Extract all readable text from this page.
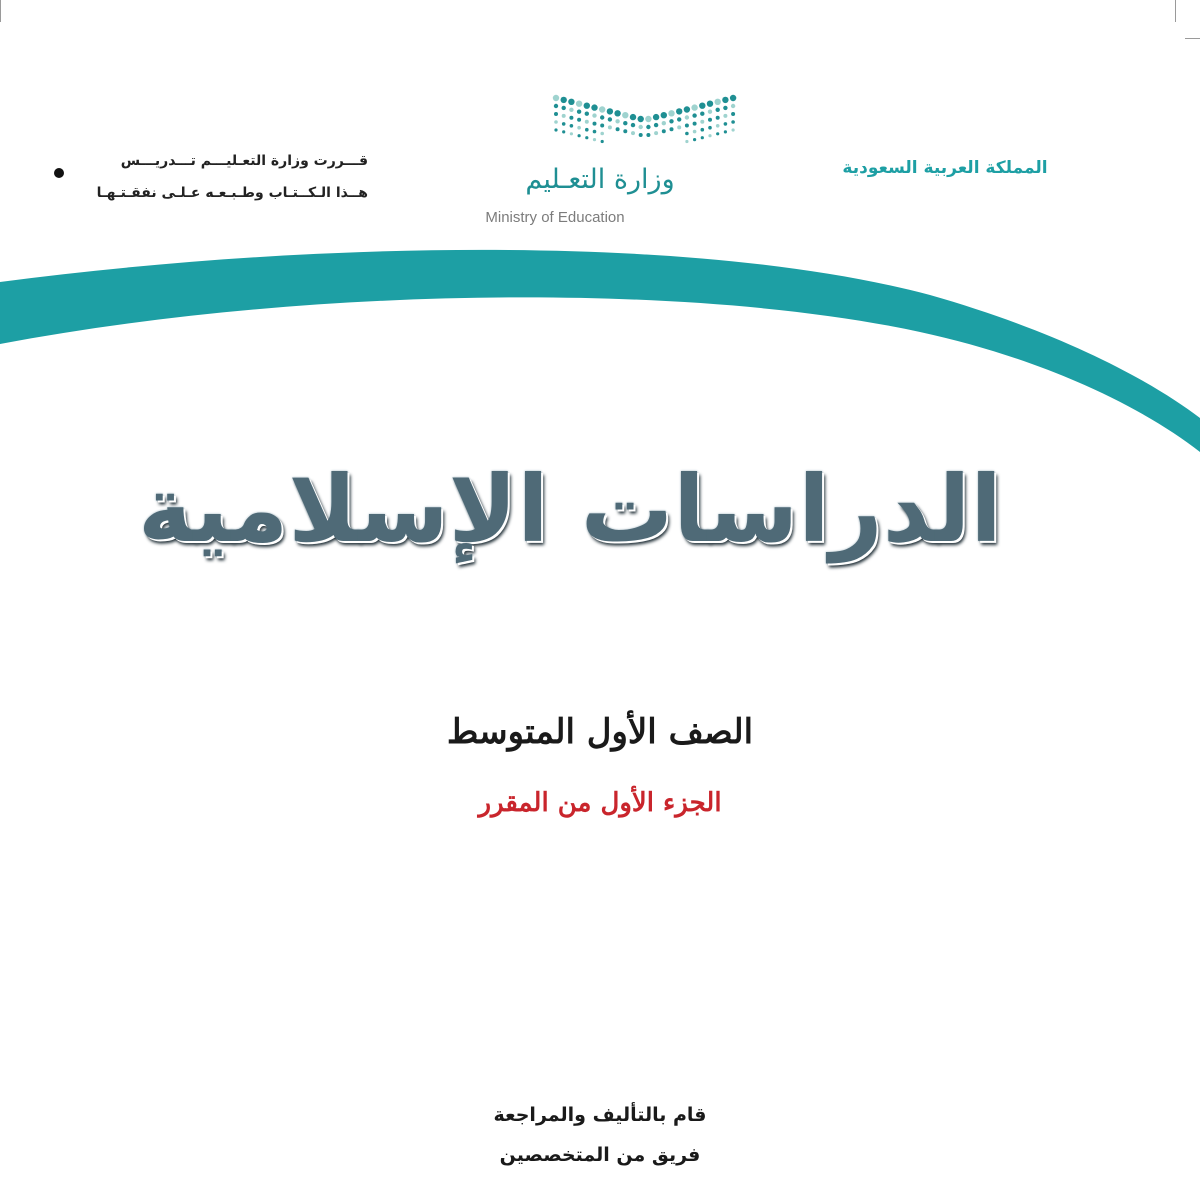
المملكة العربية السعودية
وزارة التعـليم
Ministry of Education
قـــررت وزارة التعـليـــم تـــدريـــس
هــذا الـكــتـاب وطـبـعـه عـلـى نفقـتـهـا
الدراسات الإسلامية
الصف الأول المتوسط
الجزء الأول من المقرر
قام بالتأليف والمراجعة
فريق من المتخصصين
